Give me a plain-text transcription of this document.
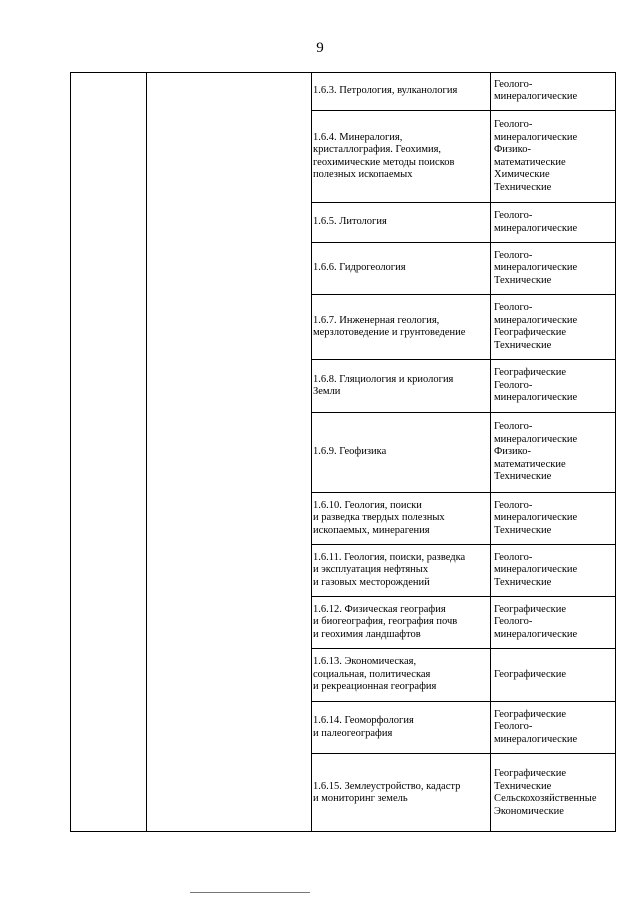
9
1.6.3. Петрология, вулканология
Геолого-
минералогические
1.6.4. Минералогия,
кристаллография. Геохимия,
геохимические методы поисков
полезных ископаемых
Геолого-
минералогические
Физико-
математические
Химические
Технические
1.6.5. Литология
Геолого-
минералогические
1.6.6. Гидрогеология
Геолого-
минералогические
Технические
1.6.7. Инженерная геология,
мерзлотоведение и грунтоведение
Геолого-
минералогические
Географические
Технические
1.6.8. Гляциология и криология
Земли
Географические
Геолого-
минералогические
1.6.9. Геофизика
Геолого-
минералогические
Физико-
математические
Технические
1.6.10. Геология, поиски
и разведка твердых полезных
ископаемых, минерагения
Геолого-
минералогические
Технические
1.6.11. Геология, поиски, разведка
и эксплуатация нефтяных
и газовых месторождений
Геолого-
минералогические
Технические
1.6.12. Физическая география
и биогеография, география почв
и геохимия ландшафтов
Географические
Геолого-
минералогические
1.6.13. Экономическая,
социальная, политическая
и рекреационная география
Географические
1.6.14. Геоморфология
и палеогеография
Географические
Геолого-
минералогические
1.6.15. Землеустройство, кадастр
и мониторинг земель
Географические
Технические
Сельскохозяйственные
Экономические
